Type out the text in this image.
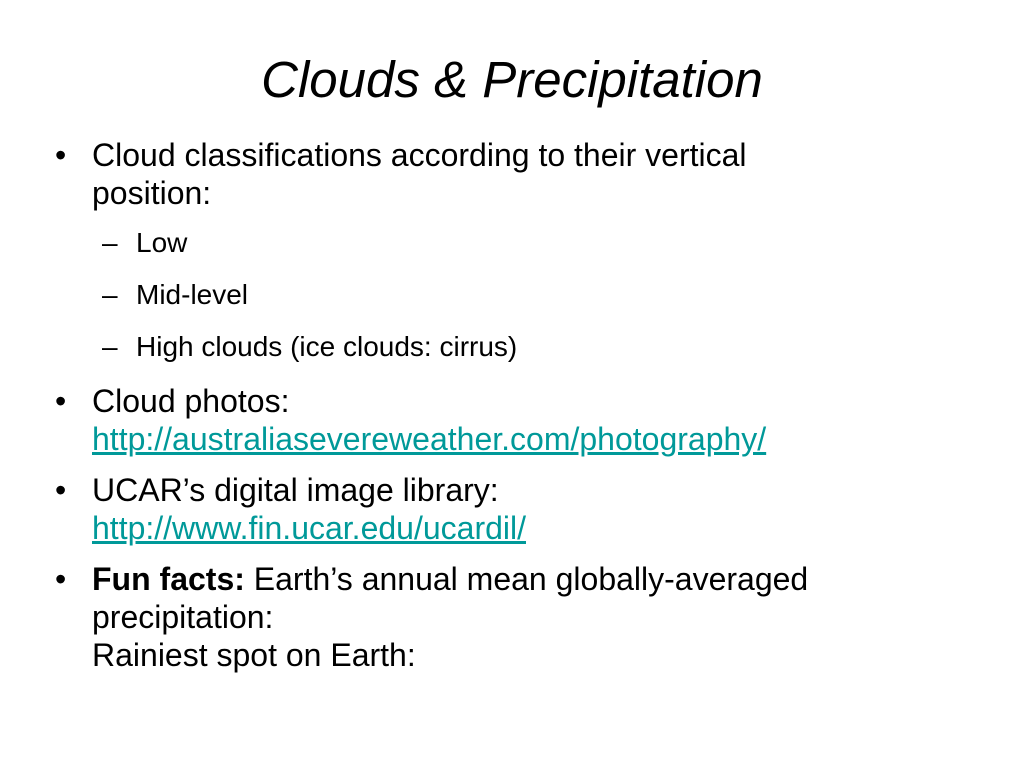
Clouds & Precipitation
• Cloud classifications according to their vertical
position:
– Low
– Mid-level
– High clouds (ice clouds: cirrus)
• Cloud photos:
http://australiasevereweather.com/photography/
• UCAR’s digital image library:
http://www.fin.ucar.edu/ucardil/
• Fun facts: Earth’s annual mean globally-averaged
precipitation:
Rainiest spot on Earth:
